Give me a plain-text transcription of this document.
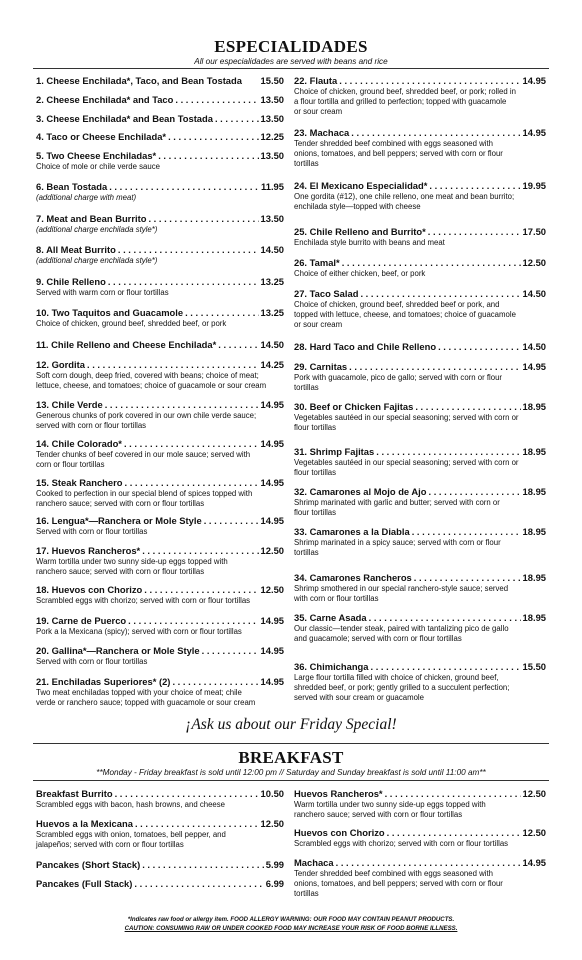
ESPECIALIDADES
All our especialidades are served with beans and rice
1. Cheese Enchilada*, Taco, and Bean Tostada 15.50
2. Cheese Enchilada* and Taco . . .	13.50
3. Cheese Enchilada* and Bean Tostada . . .	13.50
4. Taco or Cheese Enchilada* . . .	12.25
5. Two Cheese Enchiladas* . . .	13.50
Choice of mole or chile verde sauce
6. Bean Tostada . . .	11.95
(additional charge with meat)
7. Meat and Bean Burrito . . .	13.50
(additional charge enchilada style*)
8. All Meat Burrito . . .	14.50
(additional charge enchilada style*)
9. Chile Relleno . . .	13.25
Served with warm corn or flour tortillas
10. Two Taquitos and Guacamole . . .	13.25
Choice of chicken, ground beef, shredded beef, or pork
11. Chile Relleno and Cheese Enchilada* . . .	14.50
12. Gordita . . .	14.25
Soft corn dough, deep fried, covered with beans; choice of meat;
lettuce, cheese, and tomatoes; choice of guacamole or sour cream
13. Chile Verde . . .	14.95
Generous chunks of pork covered in our own chile verde sauce;
served with corn or flour tortillas
14. Chile Colorado* . . .	14.95
Tender chunks of beef covered in our mole sauce; served with
corn or flour tortillas
15. Steak Ranchero . . .	14.95
Cooked to perfection in our special blend of spices topped with
ranchero sauce; served with corn or flour tortillas
16. Lengua*—Ranchera or Mole Style . . .	14.95
Served with corn or flour tortillas
17. Huevos Rancheros* . . .	12.50
Warm tortilla under two sunny side-up eggs topped with
ranchero sauce; served with corn or flour tortillas
18. Huevos con Chorizo . . .	12.50
Scrambled eggs with chorizo; served with corn or flour tortillas
19. Carne de Puerco . . .	14.95
Pork a la Mexicana (spicy); served with corn or flour tortillas
20. Gallina*—Ranchera or Mole Style . . .	14.95
Served with corn or flour tortillas
21. Enchiladas Superiores* (2) . . .	14.95
Two meat enchiladas topped with your choice of meat; chile
verde or ranchero sauce; topped with guacamole or sour cream
22. Flauta . . .	14.95
Choice of chicken, ground beef, shredded beef, or pork; rolled in
a flour tortilla and grilled to perfection; topped with guacamole
or sour cream
23. Machaca . . .	14.95
Tender shredded beef combined with eggs seasoned with
onions, tomatoes, and bell peppers; served with corn or flour
tortillas
24. El Mexicano Especialidad* . . .	19.95
One gordita (#12), one chile relleno, one meat and bean burrito;
enchilada style—topped with cheese
25. Chile Relleno and Burrito* . . .	17.50
Enchilada style burrito with beans and meat
26. Tamal* . . .	12.50
Choice of either chicken, beef, or pork
27. Taco Salad . . .	14.50
Choice of chicken, ground beef, shredded beef or pork, and
topped with lettuce, cheese, and tomatoes; choice of guacamole
or sour cream
28. Hard Taco and Chile Relleno . . .	14.50
29. Carnitas . . .	14.95
Pork with guacamole, pico de gallo; served with corn or flour
tortillas
30. Beef or Chicken Fajitas . . .	18.95
Vegetables sautéed in our special seasoning; served with corn or
flour tortillas
31. Shrimp Fajitas . . .	18.95
Vegetables sautéed in our special seasoning; served with corn or
flour tortillas
32. Camarones al Mojo de Ajo . . .	18.95
Shrimp marinated with garlic and butter; served with corn or
flour tortillas
33. Camarones a la Diabla . . .	18.95
Shrimp marinated in a spicy sauce; served with corn or flour
tortillas
34. Camarones Rancheros . . .	18.95
Shrimp smothered in our special ranchero-style sauce; served
with corn or flour tortillas
35. Carne Asada . . .	18.95
Our classic—tender steak, paired with tantalizing pico de gallo
and guacamole; served with corn or flour tortillas
36. Chimichanga . . .	15.50
Large flour tortilla filled with choice of chicken, ground beef,
shredded beef, or pork; gently grilled to a succulent perfection;
served with sour cream or guacamole
¡Ask us about our Friday Special!
BREAKFAST
**Monday - Friday breakfast is sold until 12:00 pm // Saturday and Sunday breakfast is sold until 11:00 am**
Breakfast Burrito . . .	10.50
Scrambled eggs with bacon, hash browns, and cheese
Huevos a la Mexicana . . .	12.50
Scrambled eggs with onion, tomatoes, bell pepper, and
jalapeños; served with corn or flour tortillas
Pancakes (Short Stack) . . .	5.99
Pancakes (Full Stack) . . .	6.99
Huevos Rancheros* . . .	12.50
Warm tortilla under two sunny side-up eggs topped with
ranchero sauce; served with corn or flour tortillas
Huevos con Chorizo . . .	12.50
Scrambled eggs with chorizo; served with corn or flour tortillas
Machaca . . .	14.95
Tender shredded beef combined with eggs seasoned with
onions, tomatoes, and bell peppers; served with corn or flour
tortillas
*Indicates raw food or allergy item. FOOD ALLERGY WARNING: OUR FOOD MAY CONTAIN PEANUT PRODUCTS.
CAUTION: CONSUMING RAW OR UNDER COOKED FOOD MAY INCREASE YOUR RISK OF FOOD BORNE ILLNESS.
